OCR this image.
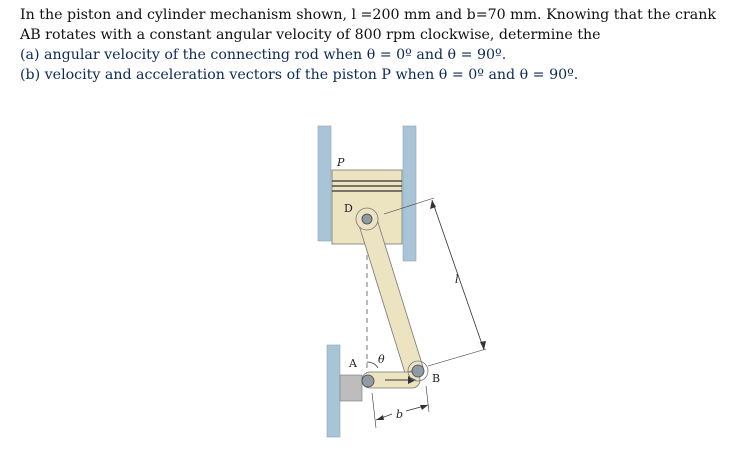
In the piston and cylinder mechanism shown, l =200 mm and b=70 mm. Knowing that the crank
AB rotates with a constant angular velocity of 800 rpm clockwise, determine the
(a) angular velocity of the connecting rod when θ = 0º and θ = 90º.
(b) velocity and acceleration vectors of the piston P when θ = 0º and θ = 90º.
P
D
A
B
θ
l
b
